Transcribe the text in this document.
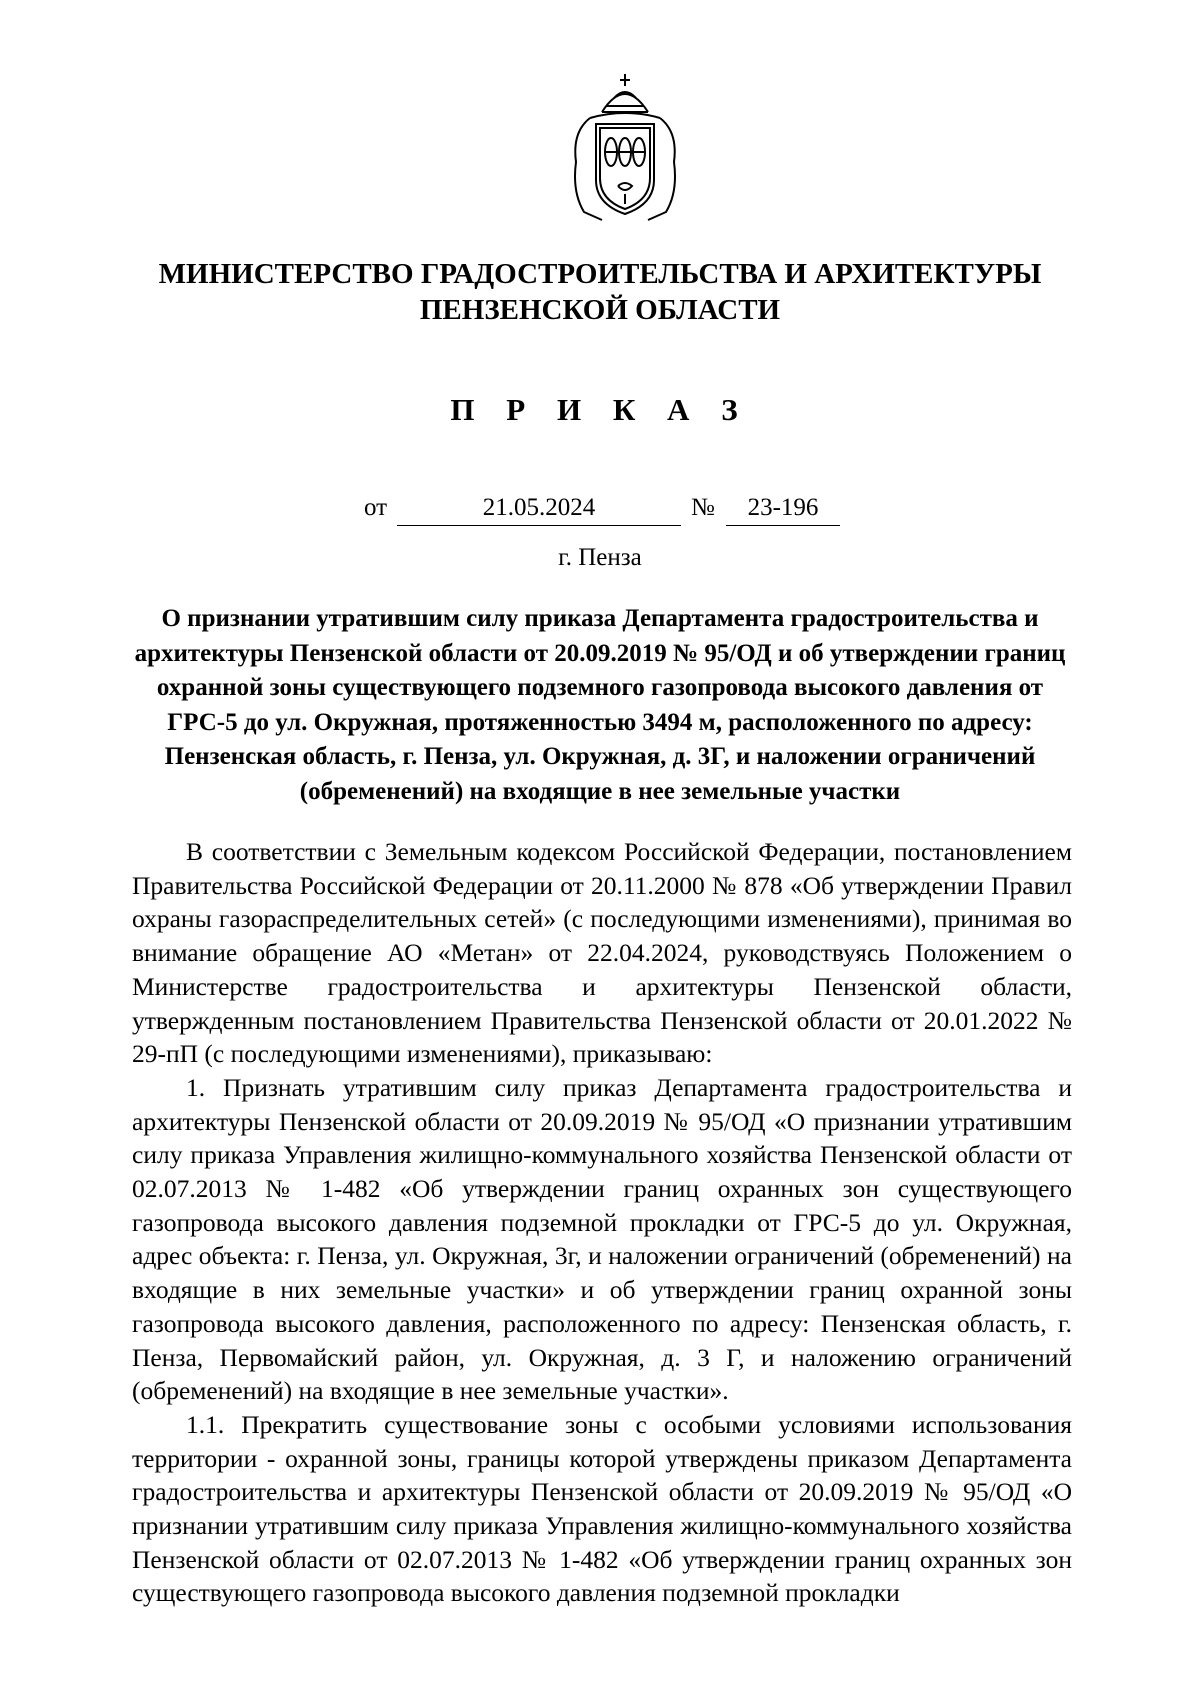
МИНИСТЕРСТВО ГРАДОСТРОИТЕЛЬСТВА И АРХИТЕКТУРЫ
ПЕНЗЕНСКОЙ ОБЛАСТИ
П Р И К А З
от	21.05.2024	№	23-196
г. Пенза
О признании утратившим силу приказа Департамента градостроительства и архитектуры Пензенской области от 20.09.2019 № 95/ОД и об утверждении границ охранной зоны существующего подземного газопровода высокого давления от ГРС-5 до ул. Окружная, протяженностью 3494 м, расположенного по адресу: Пензенская область, г. Пенза, ул. Окружная, д. 3Г, и наложении ограничений (обременений) на входящие в нее земельные участки

В соответствии с Земельным кодексом Российской Федерации, постановлением Правительства Российской Федерации от 20.11.2000 № 878 «Об утверждении Правил охраны газораспределительных сетей» (с последующими изменениями), принимая во внимание обращение АО «Метан» от 22.04.2024, руководствуясь Положением о Министерстве градостроительства и архитектуры Пензенской области, утвержденным постановлением Правительства Пензенской области от 20.01.2022 № 29-пП (с последующими изменениями), приказываю:

1. Признать утратившим силу приказ Департамента градостроительства и архитектуры Пензенской области от 20.09.2019 № 95/ОД «О признании утратившим силу приказа Управления жилищно-коммунального хозяйства Пензенской области от 02.07.2013 № 1-482 «Об утверждении границ охранных зон существующего газопровода высокого давления подземной прокладки от ГРС-5 до ул. Окружная, адрес объекта: г. Пенза, ул. Окружная, 3г, и наложении ограничений (обременений) на входящие в них земельные участки» и об утверждении границ охранной зоны газопровода высокого давления, расположенного по адресу: Пензенская область, г. Пенза, Первомайский район, ул. Окружная, д. 3 Г, и наложению ограничений (обременений) на входящие в нее земельные участки».

1.1. Прекратить существование зоны с особыми условиями использования территории - охранной зоны, границы которой утверждены приказом Департамента градостроительства и архитектуры Пензенской области от 20.09.2019 № 95/ОД «О признании утратившим силу приказа Управления жилищно-коммунального хозяйства Пензенской области от 02.07.2013 № 1-482 «Об утверждении границ охранных зон существующего газопровода высокого давления подземной прокладки
